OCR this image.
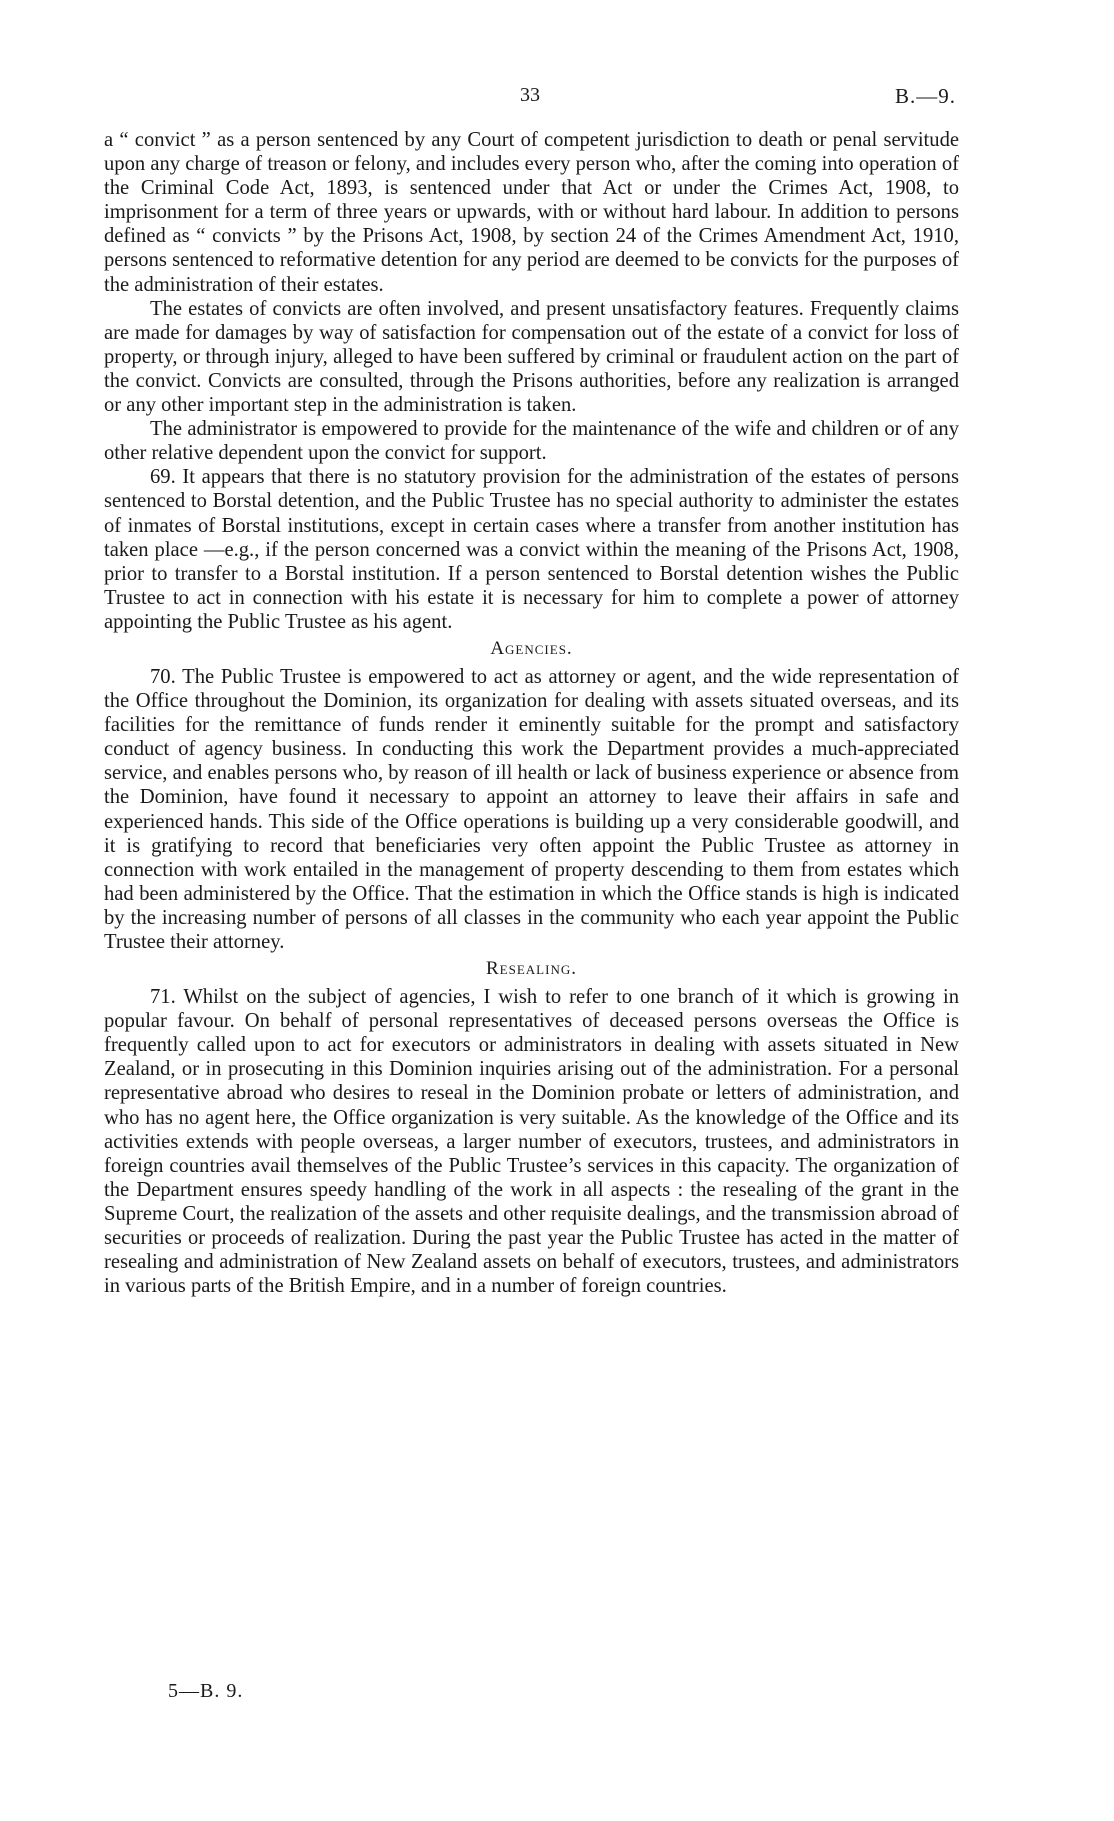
33	B.—9.

a “ convict ” as a person sentenced by any Court of competent jurisdiction to death or penal servitude upon any charge of treason or felony, and includes every person who, after the coming into operation of the Criminal Code Act, 1893, is sentenced under that Act or under the Crimes Act, 1908, to imprisonment for a term of three years or upwards, with or without hard labour. In addition to persons defined as “ convicts ” by the Prisons Act, 1908, by section 24 of the Crimes Amendment Act, 1910, persons sentenced to reformative detention for any period are deemed to be convicts for the purposes of the administration of their estates.

The estates of convicts are often involved, and present unsatisfactory features. Frequently claims are made for damages by way of satisfaction for compensation out of the estate of a convict for loss of property, or through injury, alleged to have been suffered by criminal or fraudulent action on the part of the convict. Convicts are consulted, through the Prisons authorities, before any realization is arranged or any other important step in the administration is taken.

The administrator is empowered to provide for the maintenance of the wife and children or of any other relative dependent upon the convict for support.

69. It appears that there is no statutory provision for the administration of the estates of persons sentenced to Borstal detention, and the Public Trustee has no special authority to administer the estates of inmates of Borstal institutions, except in certain cases where a transfer from another institution has taken place —e.g., if the person concerned was a convict within the meaning of the Prisons Act, 1908, prior to transfer to a Borstal institution. If a person sentenced to Borstal detention wishes the Public Trustee to act in connection with his estate it is necessary for him to complete a power of attorney appointing the Public Trustee as his agent.

Agencies.

70. The Public Trustee is empowered to act as attorney or agent, and the wide representation of the Office throughout the Dominion, its organization for dealing with assets situated overseas, and its facilities for the remittance of funds render it eminently suitable for the prompt and satisfactory conduct of agency business. In conducting this work the Department provides a much-appreciated service, and enables persons who, by reason of ill health or lack of business experience or absence from the Dominion, have found it necessary to appoint an attorney to leave their affairs in safe and experienced hands. This side of the Office operations is building up a very considerable goodwill, and it is gratifying to record that beneficiaries very often appoint the Public Trustee as attorney in connection with work entailed in the management of property descending to them from estates which had been administered by the Office. That the estimation in which the Office stands is high is indicated by the increasing number of persons of all classes in the community who each year appoint the Public Trustee their attorney.

Resealing.

71. Whilst on the subject of agencies, I wish to refer to one branch of it which is growing in popular favour. On behalf of personal representatives of deceased persons overseas the Office is frequently called upon to act for executors or administrators in dealing with assets situated in New Zealand, or in prosecuting in this Dominion inquiries arising out of the administration. For a personal representative abroad who desires to reseal in the Dominion probate or letters of administration, and who has no agent here, the Office organization is very suitable. As the knowledge of the Office and its activities extends with people overseas, a larger number of executors, trustees, and administrators in foreign countries avail themselves of the Public Trustee’s services in this capacity. The organization of the Department ensures speedy handling of the work in all aspects : the resealing of the grant in the Supreme Court, the realization of the assets and other requisite dealings, and the transmission abroad of securities or proceeds of realization. During the past year the Public Trustee has acted in the matter of resealing and administration of New Zealand assets on behalf of executors, trustees, and administrators in various parts of the British Empire, and in a number of foreign countries.

5—B. 9.
